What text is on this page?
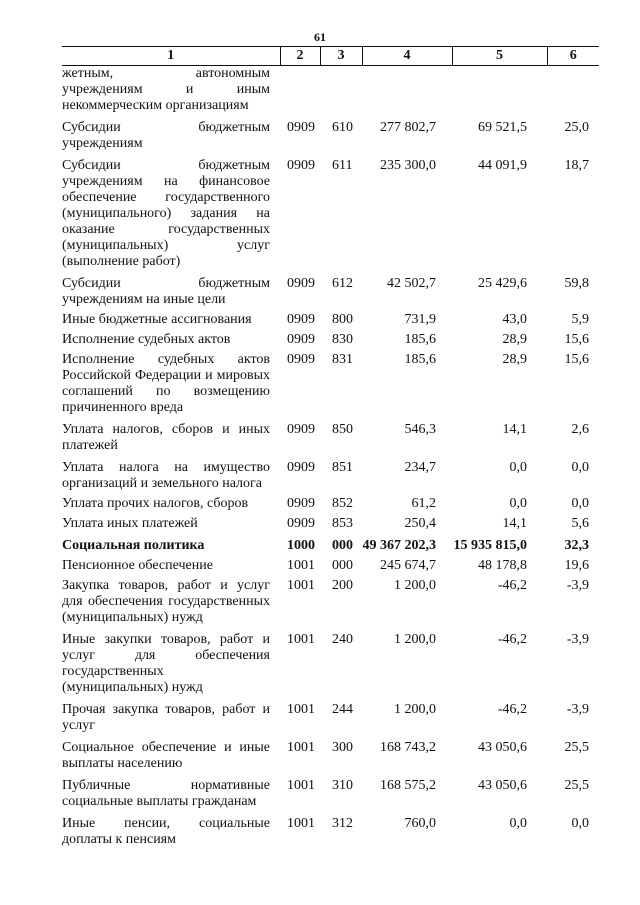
61
1	2	3	4	5	6
жетным, автономным учреждениям и иным некоммерческим организациям					

Субсидии бюджетным учреждениям	0909	610	277 802,7	69 521,5	25,0

Субсидии бюджетным учреждениям на финансовое обеспечение государственного (муниципального) задания на оказание государственных (муниципальных) услуг (выполнение работ)	0909	611	235 300,0	44 091,9	18,7

Субсидии бюджетным учреждениям на иные цели	0909	612	42 502,7	25 429,6	59,8

Иные бюджетные ассигнования	0909	800	731,9	43,0	5,9

Исполнение судебных актов	0909	830	185,6	28,9	15,6

Исполнение судебных актов Российской Федерации и мировых соглашений по возмещению причиненного вреда	0909	831	185,6	28,9	15,6

Уплата налогов, сборов и иных платежей	0909	850	546,3	14,1	2,6

Уплата налога на имущество организаций и земельного налога	0909	851	234,7	0,0	0,0

Уплата прочих налогов, сборов	0909	852	61,2	0,0	0,0

Уплата иных платежей	0909	853	250,4	14,1	5,6

Социальная политика	1000	000	49 367 202,3	15 935 815,0	32,3

Пенсионное обеспечение	1001	000	245 674,7	48 178,8	19,6

Закупка товаров, работ и услуг для обеспечения государственных (муниципальных) нужд	1001	200	1 200,0	-46,2	-3,9

Иные закупки товаров, работ и услуг для обеспечения государственных (муниципальных) нужд	1001	240	1 200,0	-46,2	-3,9

Прочая закупка товаров, работ и услуг	1001	244	1 200,0	-46,2	-3,9

Социальное обеспечение и иные выплаты населению	1001	300	168 743,2	43 050,6	25,5

Публичные нормативные социальные выплаты гражданам	1001	310	168 575,2	43 050,6	25,5

Иные пенсии, социальные доплаты к пенсиям	1001	312	760,0	0,0	0,0
